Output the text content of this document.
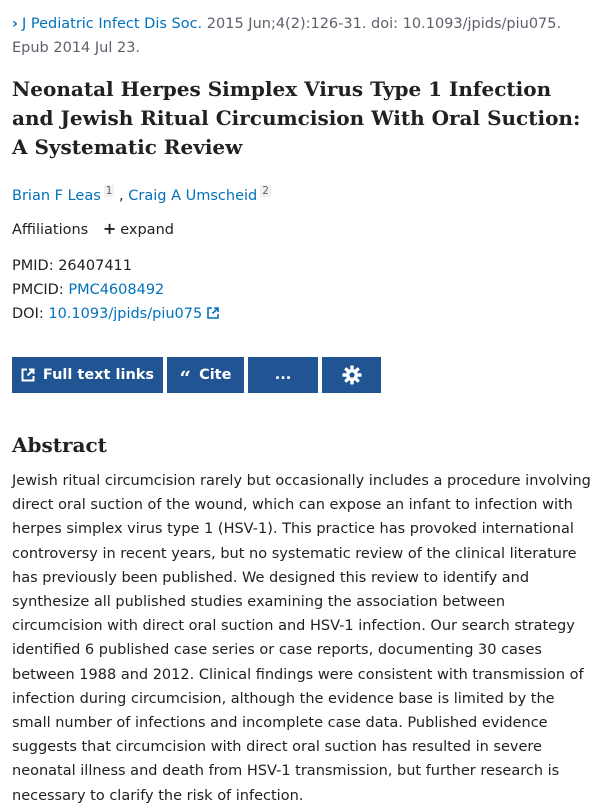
› J Pediatric Infect Dis Soc. 2015 Jun;4(2):126-31. doi: 10.1093/jpids/piu075. Epub 2014 Jul 23.
Neonatal Herpes Simplex Virus Type 1 Infection and Jewish Ritual Circumcision With Oral Suction: A Systematic Review
Brian F Leas $^1$ , Craig A Umscheid $^2$
Affiliations + expand
PMID: 26407411
PMCID: PMC4608492
DOI: 10.1093/jpids/piu075
Full text links “ Cite	...
Abstract

Jewish ritual circumcision rarely but occasionally includes a procedure involving direct oral suction of the wound, which can expose an infant to infection with herpes simplex virus type 1 (HSV-1). This practice has provoked international controversy in recent years, but no systematic review of the clinical literature has previously been published. We designed this review to identify and synthesize all published studies examining the association between circumcision with direct oral suction and HSV-1 infection. Our search strategy identified 6 published case series or case reports, documenting 30 cases between 1988 and 2012. Clinical findings were consistent with transmission of infection during circumcision, although the evidence base is limited by the small number of infections and incomplete case data. Published evidence suggests that circumcision with direct oral suction has resulted in severe neonatal illness and death from HSV-1 transmission, but further research is necessary to clarify the risk of infection.
